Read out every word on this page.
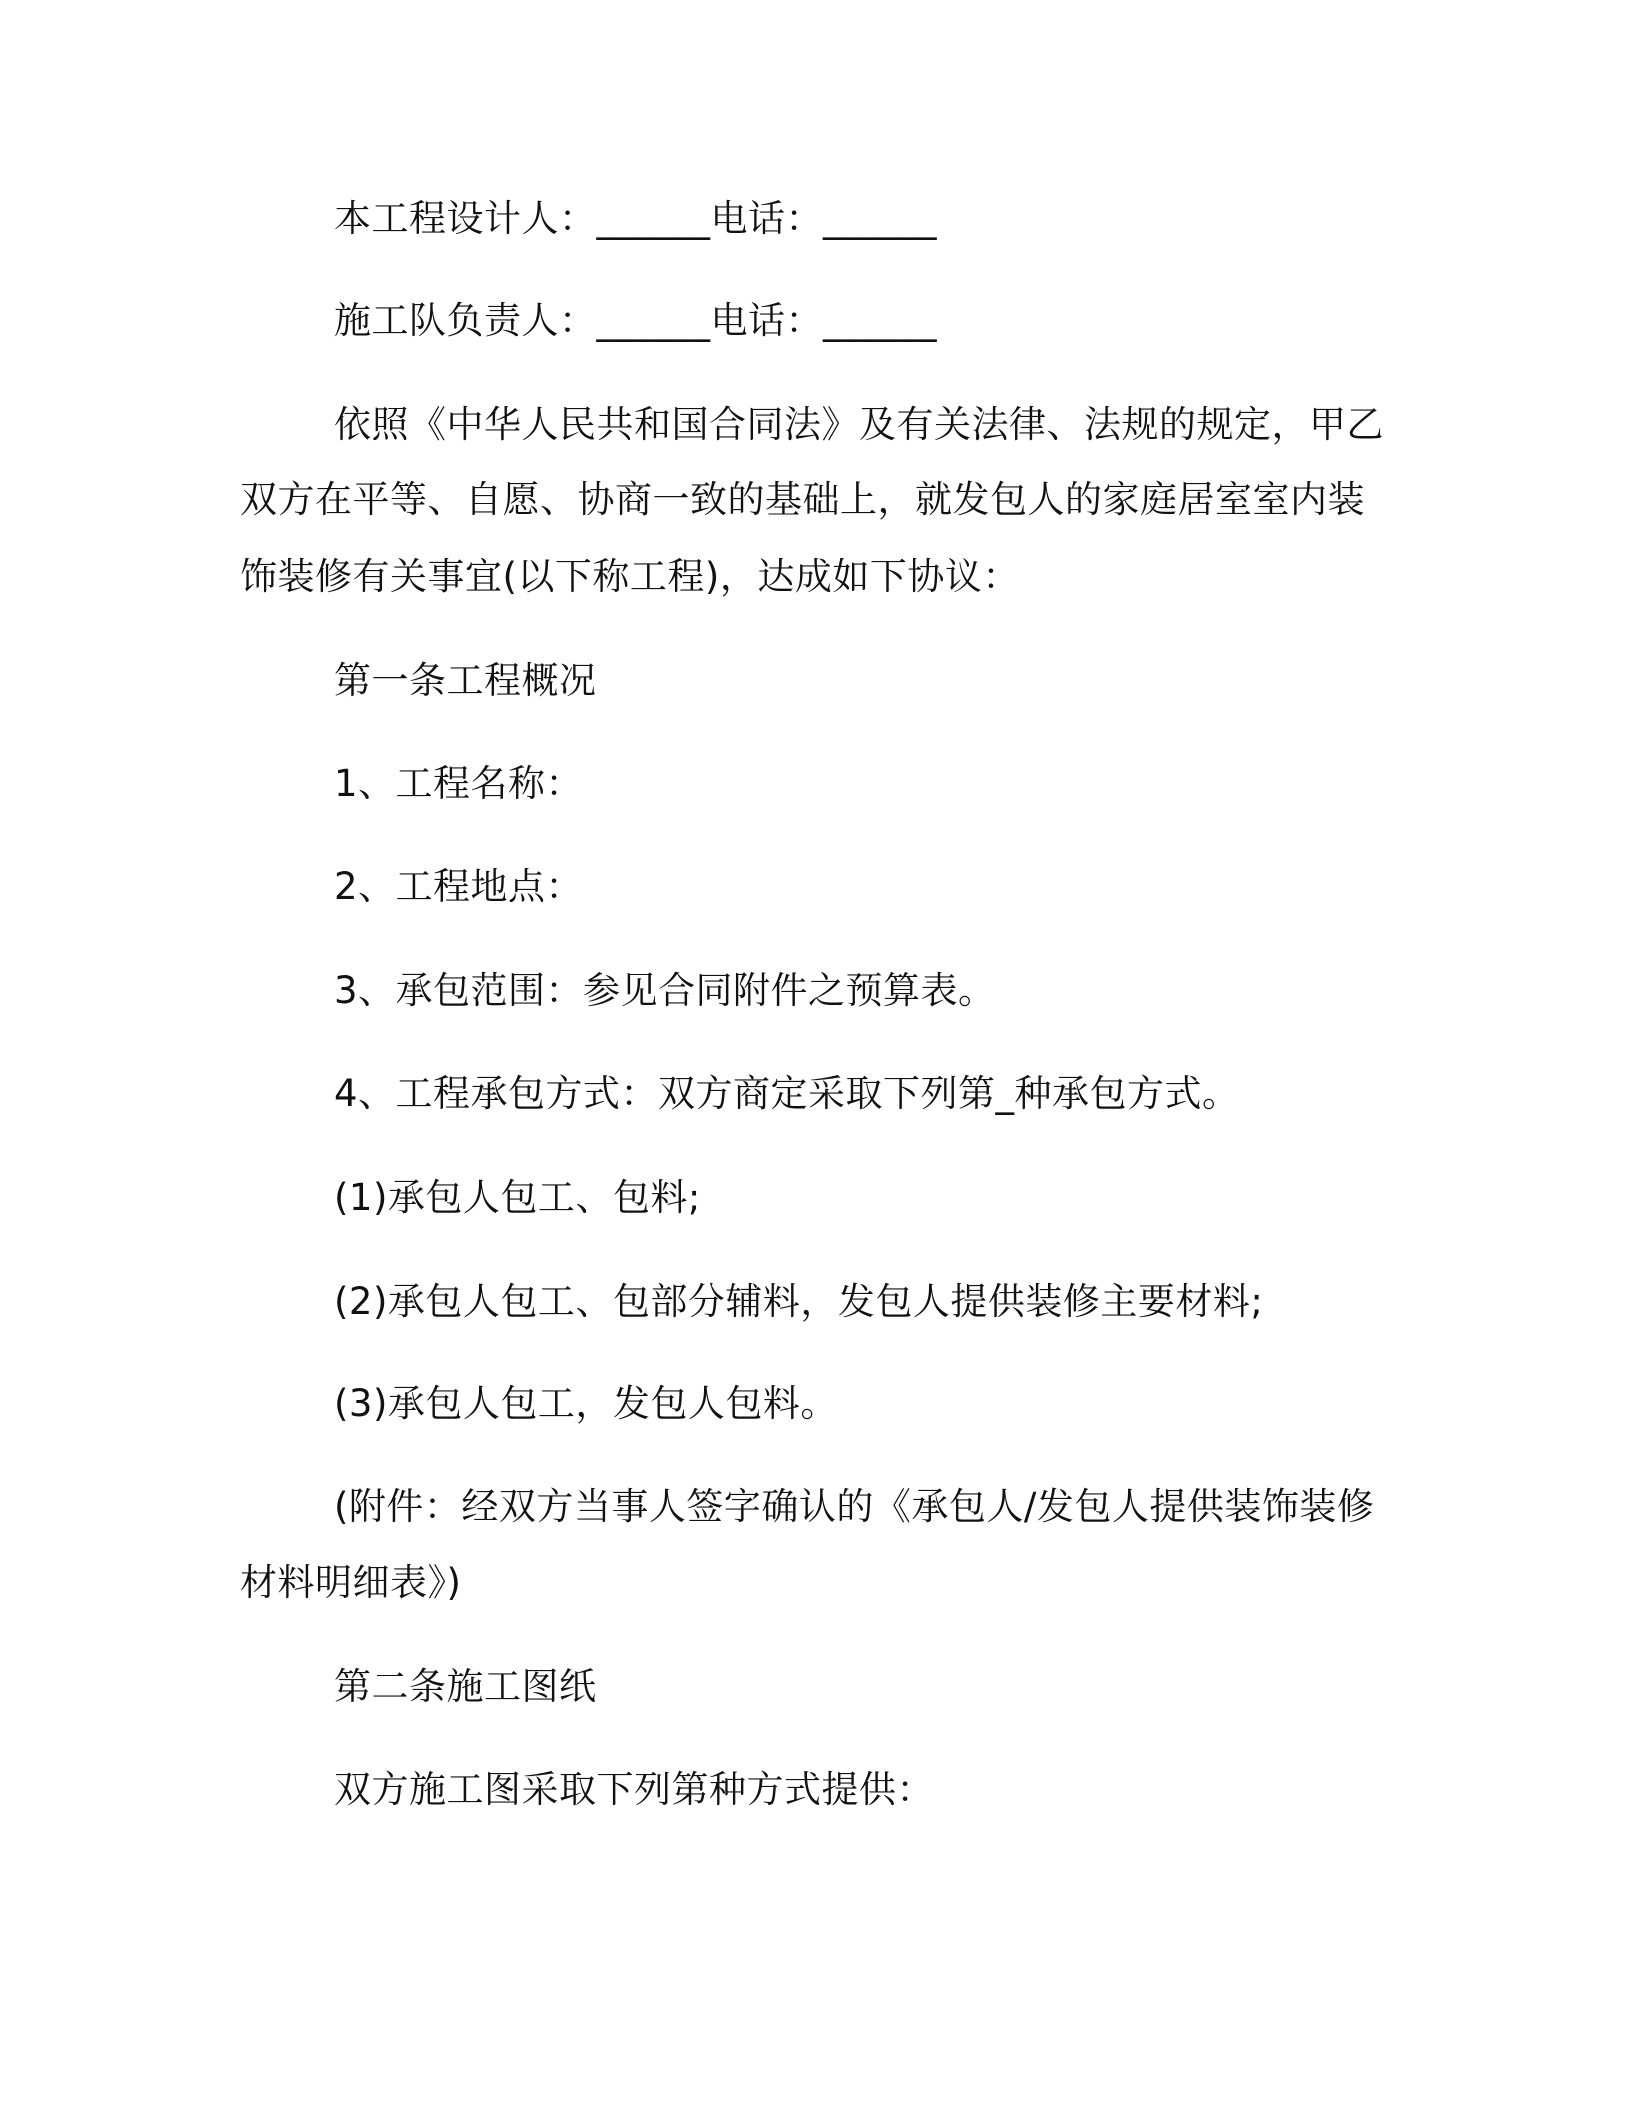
本工程设计人：______电话：______
施工队负责人：______电话：______
依照《中华人民共和国合同法》及有关法律、法规的规定，甲乙
双方在平等、自愿、协商一致的基础上，就发包人的家庭居室室内装
饰装修有关事宜(以下称工程)，达成如下协议：
第一条工程概况
1、工程名称：
2、工程地点：
3、承包范围：参见合同附件之预算表。
4、工程承包方式：双方商定采取下列第_种承包方式。
(1)承包人包工、包料;
(2)承包人包工、包部分辅料，发包人提供装修主要材料;
(3)承包人包工，发包人包料。
(附件：经双方当事人签字确认的《承包人/发包人提供装饰装修
材料明细表》)
第二条施工图纸
双方施工图采取下列第种方式提供：
